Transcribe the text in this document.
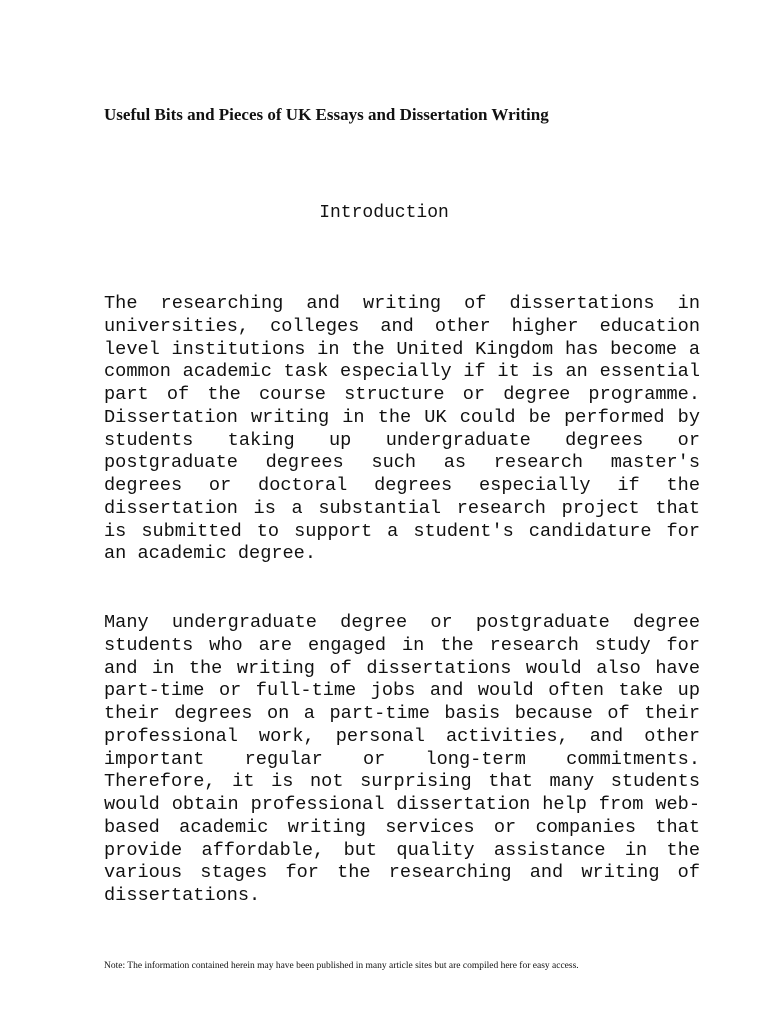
Useful Bits and Pieces of UK Essays and Dissertation Writing
Introduction

The researching and writing of dissertations in universities, colleges and other higher education level institutions in the United Kingdom has become a common academic task especially if it is an essential part of the course structure or degree programme. Dissertation writing in the UK could be performed by students taking up undergraduate degrees or postgraduate degrees such as research master's degrees or doctoral degrees especially if the dissertation is a substantial research project that is submitted to support a student's candidature for an academic degree.

Many undergraduate degree or postgraduate degree students who are engaged in the research study for and in the writing of dissertations would also have part-time or full-time jobs and would often take up their degrees on a part-time basis because of their professional work, personal activities, and other important regular or long-term commitments. Therefore, it is not surprising that many students would obtain professional dissertation help from web-based academic writing services or companies that provide affordable, but quality assistance in the various stages for the researching and writing of dissertations.

Note: The information contained herein may have been published in many article sites but are compiled here for easy access.
